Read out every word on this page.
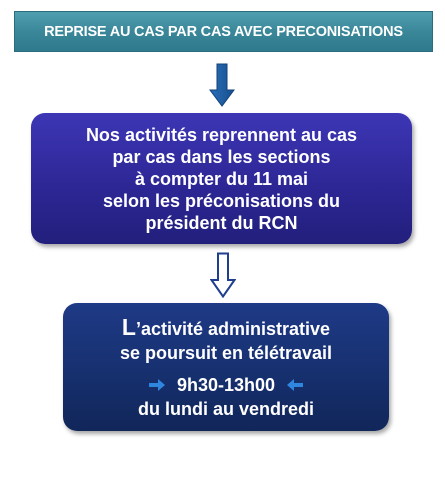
REPRISE AU CAS PAR CAS AVEC PRECONISATIONS
Nos activités reprennent au cas
par cas dans les sections
à compter du 11 mai
selon les préconisations du
président du RCN
L’activité administrative
se poursuit en télétravail
9h30-13h00
du lundi au vendredi
